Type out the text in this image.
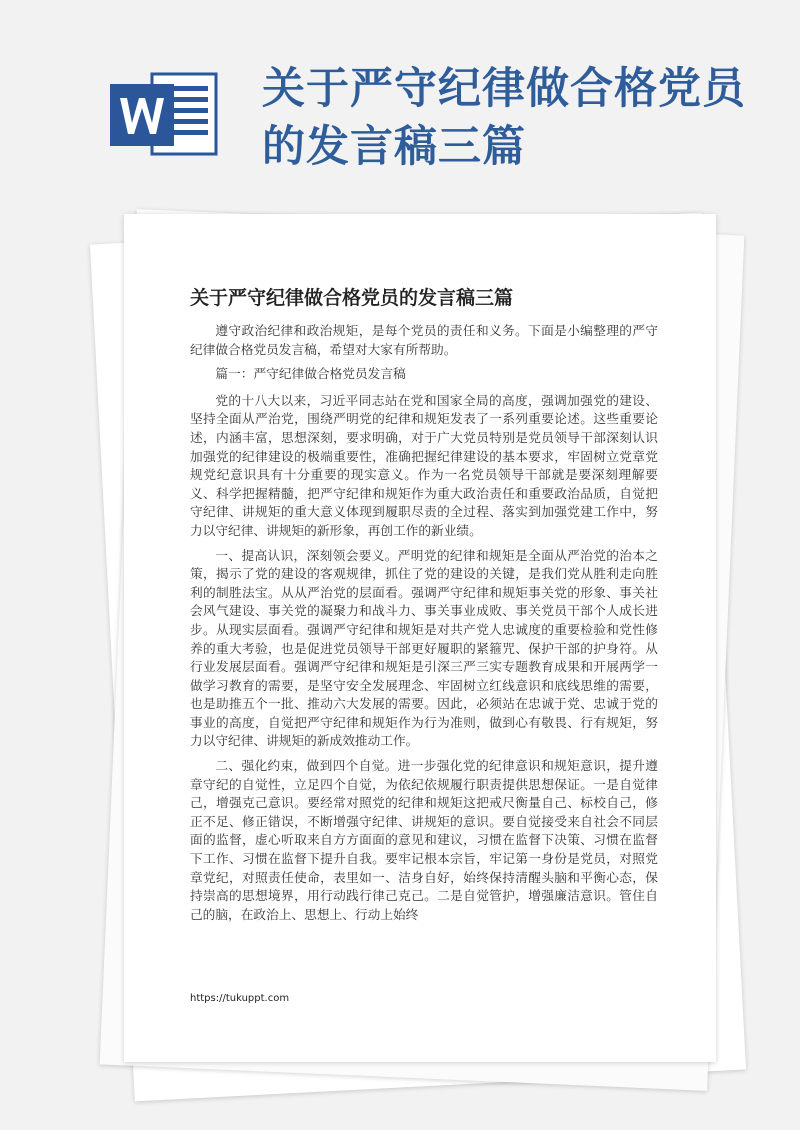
关于严守纪律做合格党员的发言稿三篇
关于严守纪律做合格党员的发言稿三篇

遵守政治纪律和政治规矩，是每个党员的责任和义务。下面是小编整理的严守纪律做合格党员发言稿，希望对大家有所帮助。

篇一：严守纪律做合格党员发言稿

党的十八大以来，习近平同志站在党和国家全局的高度，强调加强党的建设、坚持全面从严治党，围绕严明党的纪律和规矩发表了一系列重要论述。这些重要论述，内涵丰富，思想深刻，要求明确，对于广大党员特别是党员领导干部深刻认识加强党的纪律建设的极端重要性，准确把握纪律建设的基本要求，牢固树立党章党规党纪意识具有十分重要的现实意义。作为一名党员领导干部就是要深刻理解要义、科学把握精髓，把严守纪律和规矩作为重大政治责任和重要政治品质，自觉把守纪律、讲规矩的重大意义体现到履职尽责的全过程、落实到加强党建工作中，努力以守纪律、讲规矩的新形象，再创工作的新业绩。

一、提高认识，深刻领会要义。严明党的纪律和规矩是全面从严治党的治本之策，揭示了党的建设的客观规律，抓住了党的建设的关键，是我们党从胜利走向胜利的制胜法宝。从从严治党的层面看。强调严守纪律和规矩事关党的形象、事关社会风气建设、事关党的凝聚力和战斗力、事关事业成败、事关党员干部个人成长进步。从现实层面看。强调严守纪律和规矩是对共产党人忠诚度的重要检验和党性修养的重大考验，也是促进党员领导干部更好履职的紧箍咒、保护干部的护身符。从行业发展层面看。强调严守纪律和规矩是引深三严三实专题教育成果和开展两学一做学习教育的需要，是坚守安全发展理念、牢固树立红线意识和底线思维的需要，也是助推五个一批、推动六大发展的需要。因此，必须站在忠诚于党、忠诚于党的事业的高度，自觉把严守纪律和规矩作为行为准则，做到心有敬畏、行有规矩，努力以守纪律、讲规矩的新成效推动工作。

二、强化约束，做到四个自觉。进一步强化党的纪律意识和规矩意识，提升遵章守纪的自觉性，立足四个自觉，为依纪依规履行职责提供思想保证。一是自觉律己，增强克己意识。要经常对照党的纪律和规矩这把戒尺衡量自己、标校自己，修正不足、修正错误，不断增强守纪律、讲规矩的意识。要自觉接受来自社会不同层面的监督，虚心听取来自方方面面的意见和建议，习惯在监督下决策、习惯在监督下工作、习惯在监督下提升自我。要牢记根本宗旨，牢记第一身份是党员，对照党章党纪，对照责任使命，表里如一、洁身自好，始终保持清醒头脑和平衡心态，保持崇高的思想境界，用行动践行律己克己。二是自觉管护，增强廉洁意识。管住自己的脑，在政治上、思想上、行动上始终

https://tukuppt.com
